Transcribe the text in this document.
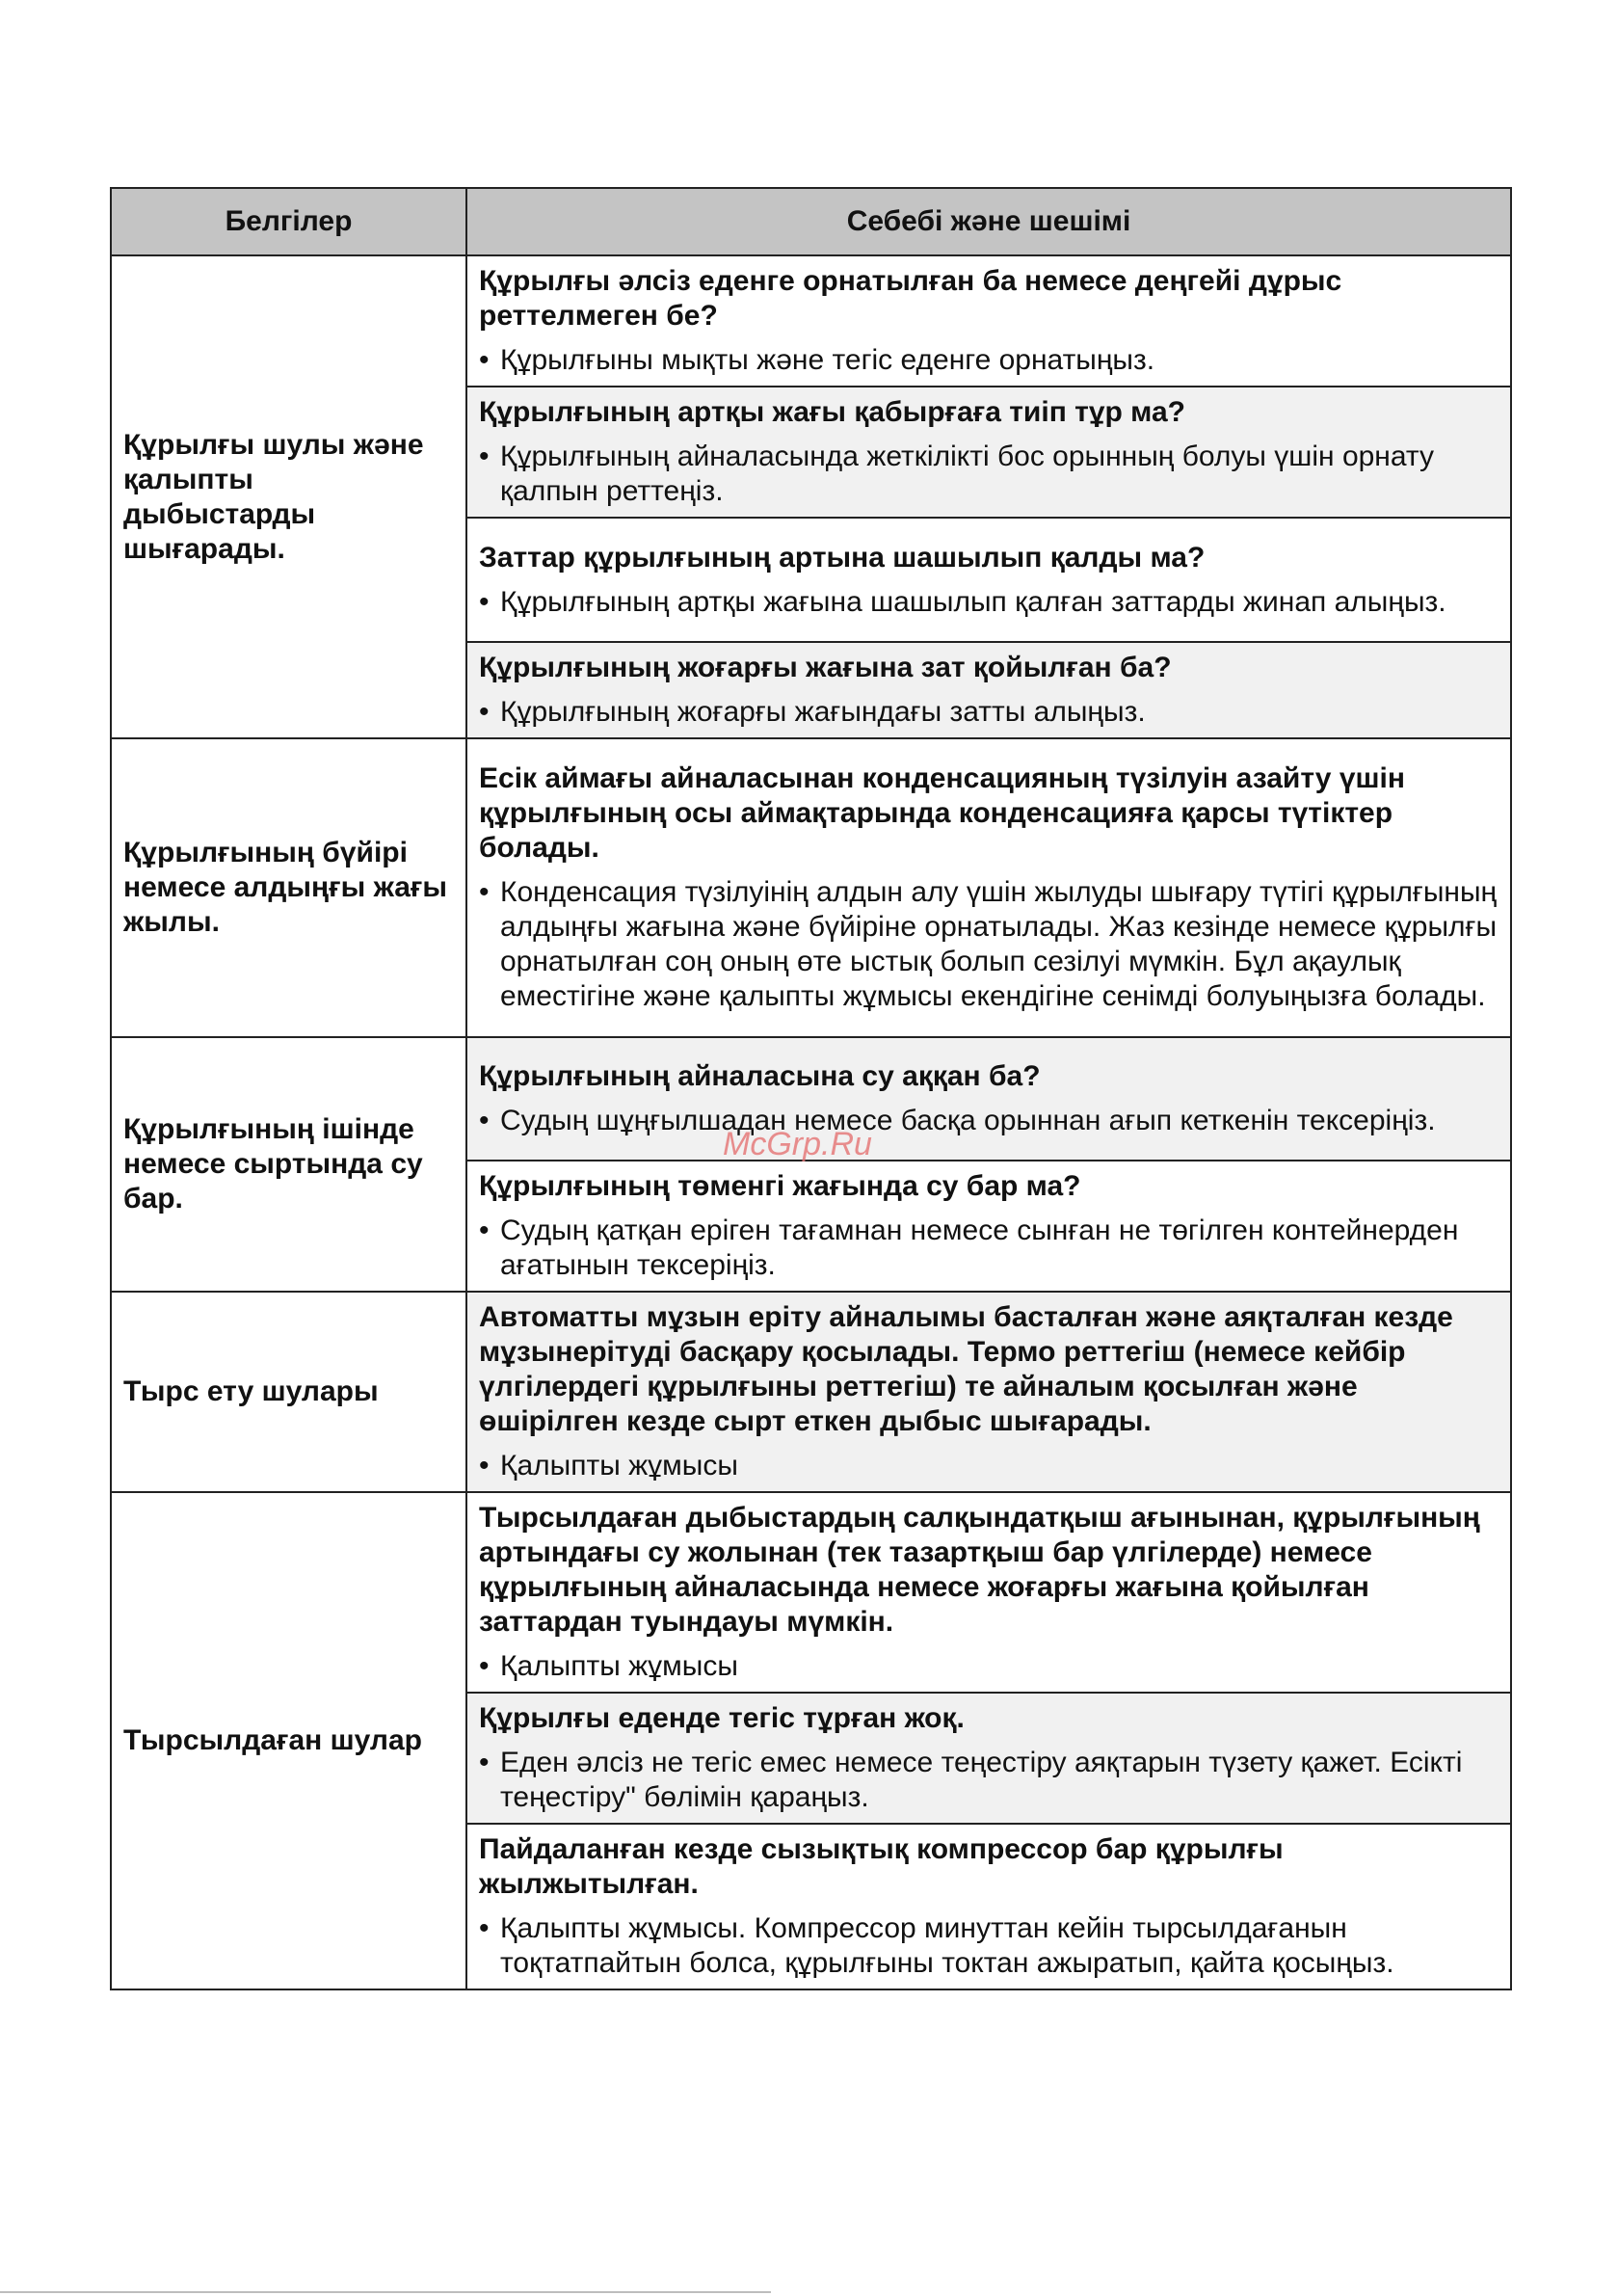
Белгілер	Себебі және шешімі
Құрылғы шулы және қалыпты дыбыстарды шығарады.	Құрылғы әлсіз еденге орнатылған ба немесе деңгейі дұрыс реттелмеген бе?
• Құрылғыны мықты және тегіс еденге орнатыңыз.

	Құрылғының артқы жағы қабырғаға тиіп тұр ма?
• Құрылғының айналасында жеткілікті бос орынның болуы үшін орнату қалпын реттеңіз.

	Заттар құрылғының артына шашылып қалды ма?
• Құрылғының артқы жағына шашылып қалған заттарды жинап алыңыз.

	Құрылғының жоғарғы жағына зат қойылған ба?
• Құрылғының жоғарғы жағындағы затты алыңыз.

Құрылғының бүйірі немесе алдыңғы жағы жылы.	Есік аймағы айналасынан конденсацияның түзілуін азайту үшін құрылғының осы аймақтарында конденсацияға қарсы түтіктер болады.
• Конденсация түзілуінің алдын алу үшін жылуды шығару түтігі құрылғының алдыңғы жағына және бүйіріне орнатылады. Жаз кезінде немесе құрылғы орнатылған соң оның өте ыстық болып сезілуі мүмкін. Бұл ақаулық еместігіне және қалыпты жұмысы екендігіне сенімді болуыңызға болады.

Құрылғының ішінде немесе сыртында су бар.	Құрылғының айналасына су аққан ба?
• Судың шұңғылшадан немесе басқа орыннан ағып кеткенін тексеріңіз.

	Құрылғының төменгі жағында су бар ма?
• Судың қатқан еріген тағамнан немесе сынған не төгілген контейнерден ағатынын тексеріңіз.

Тырс ету шулары	Автоматты мұзын еріту айналымы басталған және аяқталған кезде мұзынерітуді басқару қосылады. Термо реттегіш (немесе кейбір үлгілердегі құрылғыны реттегіш) те айналым қосылған және өшірілген кезде сырт еткен дыбыс шығарады.
• Қалыпты жұмысы

Тырсылдаған шулар	Тырсылдаған дыбыстардың салқындатқыш ағынынан, құрылғының артындағы су жолынан (тек тазартқыш бар үлгілерде) немесе құрылғының айналасында немесе жоғарғы жағына қойылған заттардан туындауы мүмкін.
• Қалыпты жұмысы

	Құрылғы еденде тегіс тұрған жоқ.
• Еден әлсіз не тегіс емес немесе теңестіру аяқтарын түзету қажет. Есікті теңестіру" бөлімін қараңыз.

	Пайдаланған кезде сызықтық компрессор бар құрылғы жылжытылған.
• Қалыпты жұмысы. Компрессор минуттан кейін тырсылдағанын тоқтатпайтын болса, құрылғыны токтан ажыратып, қайта қосыңыз.
McGrp.Ru
